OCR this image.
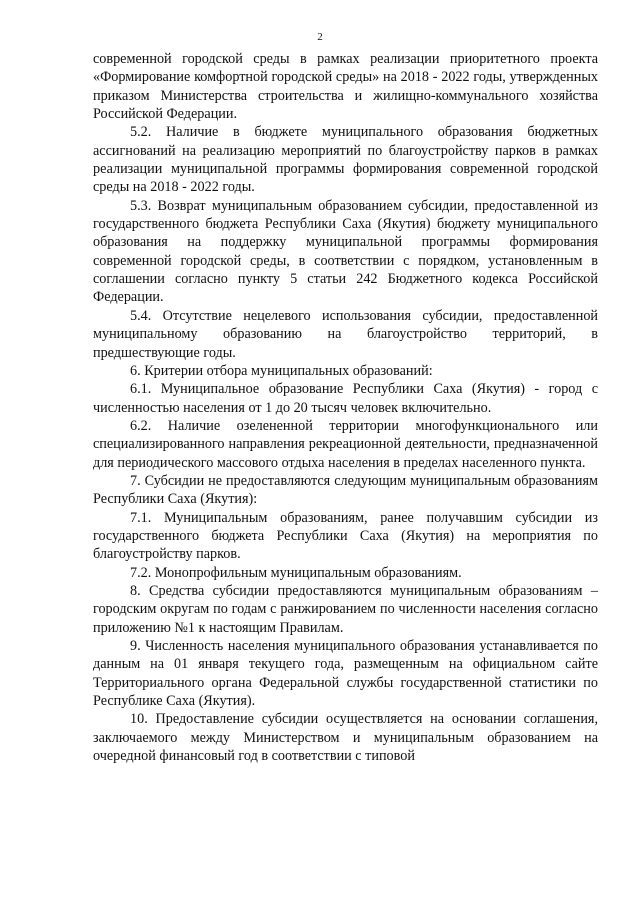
2

современной городской среды в рамках реализации приоритетного проекта «Формирование комфортной городской среды» на 2018 - 2022 годы, утвержденных приказом Министерства строительства и жилищно-коммунального хозяйства Российской Федерации.

5.2. Наличие в бюджете муниципального образования бюджетных ассигнований на реализацию мероприятий по благоустройству парков в рамках реализации муниципальной программы формирования современной городской среды на 2018 - 2022 годы.

5.3. Возврат муниципальным образованием субсидии, предоставленной из государственного бюджета Республики Саха (Якутия) бюджету муниципального образования на поддержку муниципальной программы формирования современной городской среды, в соответствии с порядком, установленным в соглашении согласно пункту 5 статьи 242 Бюджетного кодекса Российской Федерации.

5.4. Отсутствие нецелевого использования субсидии, предоставленной муниципальному образованию на благоустройство территорий, в предшествующие годы.

6. Критерии отбора муниципальных образований:

6.1. Муниципальное образование Республики Саха (Якутия) - город с численностью населения от 1 до 20 тысяч человек включительно.

6.2. Наличие озелененной территории многофункционального или специализированного направления рекреационной деятельности, предназначенной для периодического массового отдыха населения в пределах населенного пункта.

7. Субсидии не предоставляются следующим муниципальным образованиям Республики Саха (Якутия):

7.1. Муниципальным образованиям, ранее получавшим субсидии из государственного бюджета Республики Саха (Якутия) на мероприятия по благоустройству парков.

7.2. Монопрофильным муниципальным образованиям.

8. Средства субсидии предоставляются муниципальным образованиям – городским округам по годам с ранжированием по численности населения согласно приложению №1 к настоящим Правилам.

9. Численность населения муниципального образования устанавливается по данным на 01 января текущего года, размещенным на официальном сайте Территориального органа Федеральной службы государственной статистики по Республике Саха (Якутия).

10. Предоставление субсидии осуществляется на основании соглашения, заключаемого между Министерством и муниципальным образованием на очередной финансовый год в соответствии с типовой
